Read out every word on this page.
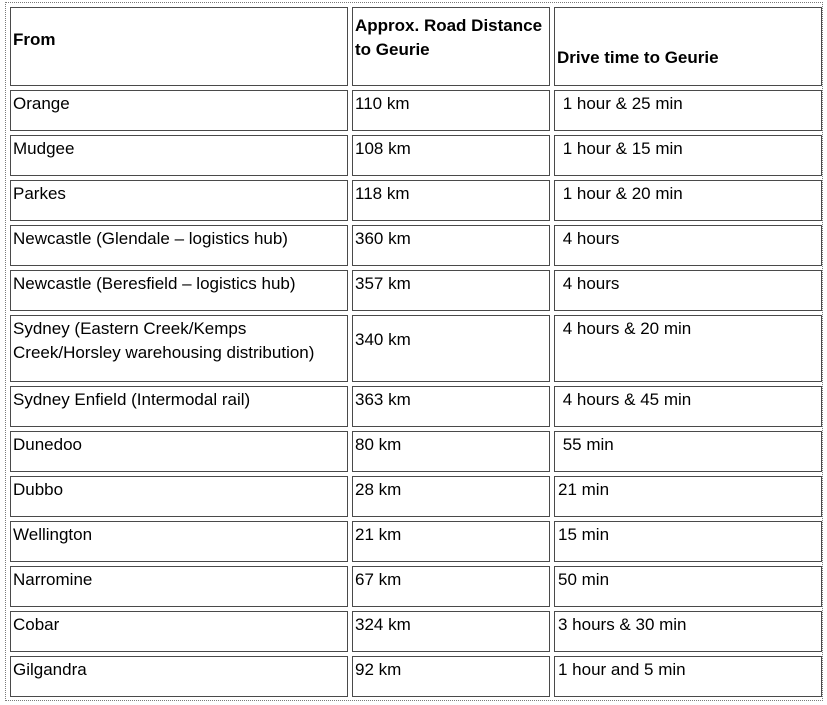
From	Approx. Road Distance to Geurie	Drive time to Geurie
Orange	110 km	1 hour & 25 min
Mudgee	108 km	1 hour & 15 min
Parkes	118 km	1 hour & 20 min
Newcastle (Glendale – logistics hub)	360 km	4 hours
Newcastle (Beresfield – logistics hub)	357 km	4 hours
Sydney (Eastern Creek/Kemps Creek/Horsley warehousing distribution)	340 km	4 hours & 20 min
Sydney Enfield (Intermodal rail)	363 km	4 hours & 45 min
Dunedoo	80 km	55 min
Dubbo	28 km	21 min
Wellington	21 km	15 min
Narromine	67 km	50 min
Cobar	324 km	3 hours & 30 min
Gilgandra	92 km	1 hour and 5 min
